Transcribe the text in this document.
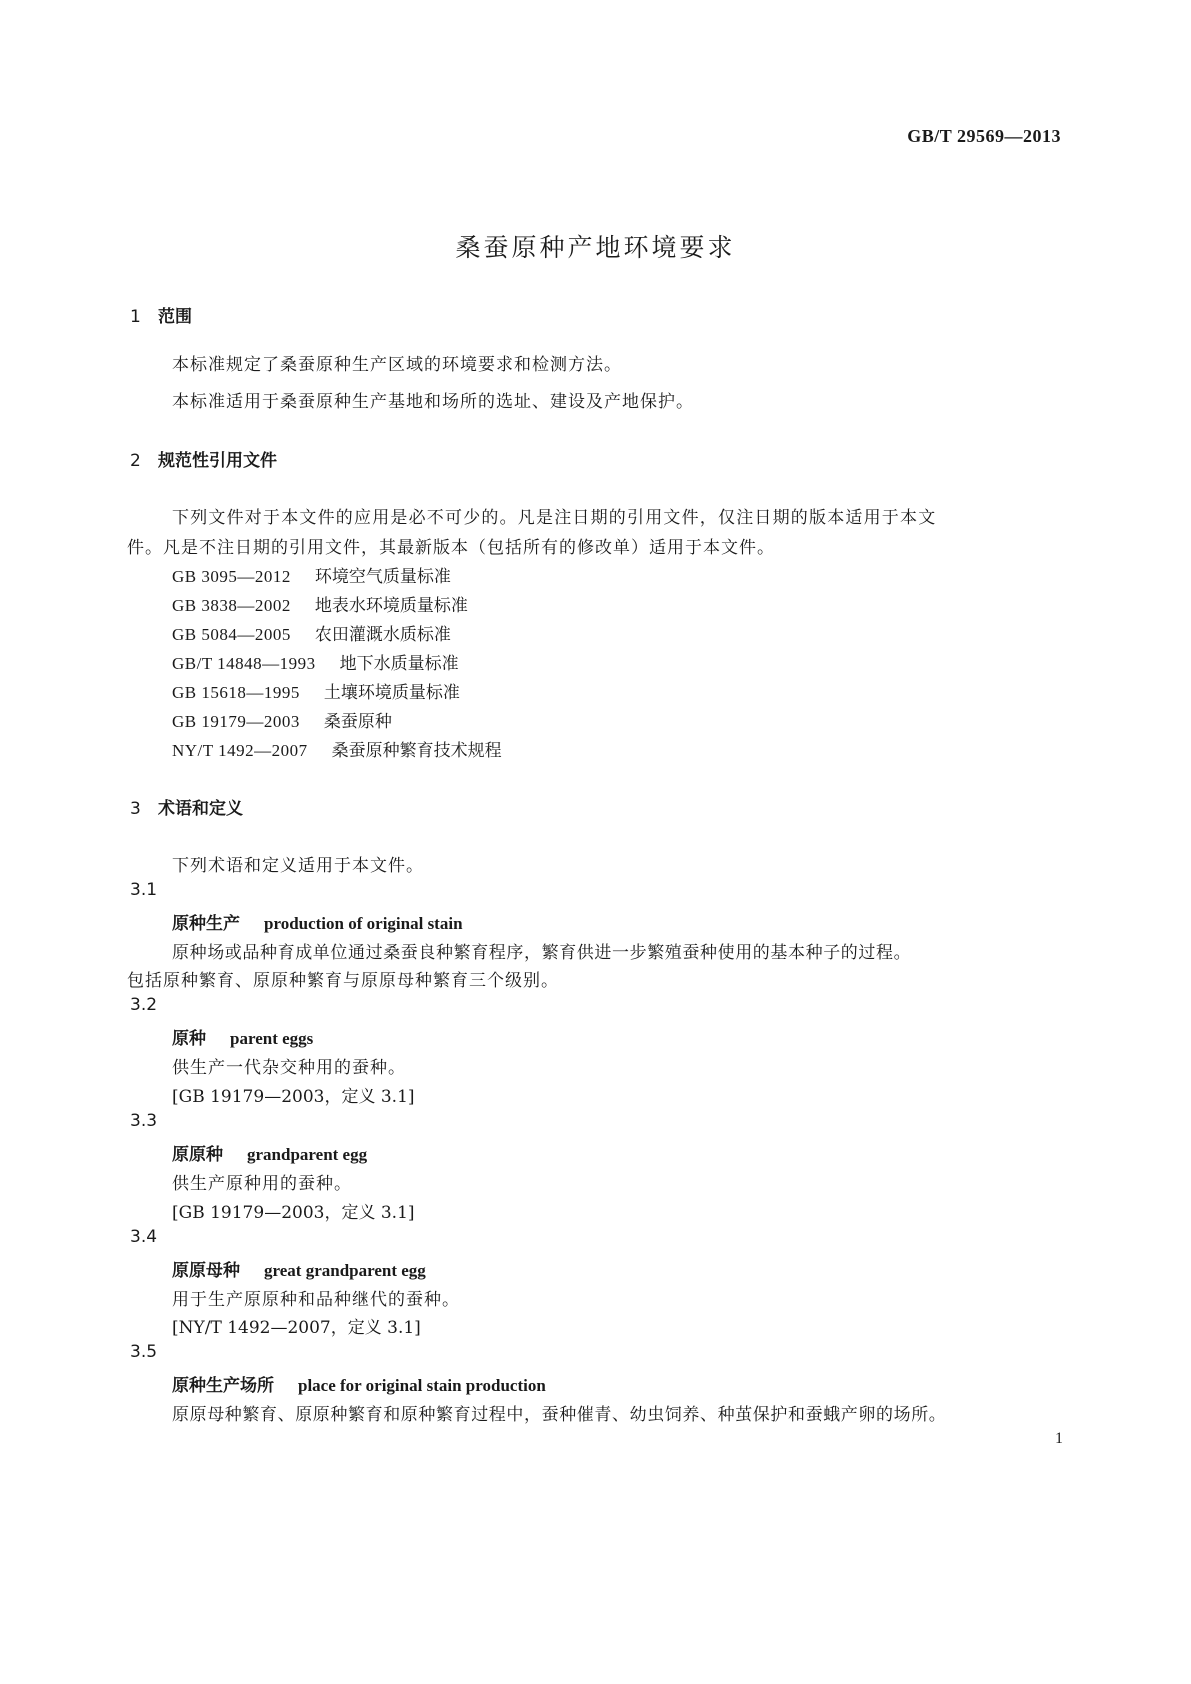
GB/T 29569—2013
桑蚕原种产地环境要求
1 范围
本标准规定了桑蚕原种生产区域的环境要求和检测方法。
本标准适用于桑蚕原种生产基地和场所的选址、建设及产地保护。
2 规范性引用文件
下列文件对于本文件的应用是必不可少的。凡是注日期的引用文件，仅注日期的版本适用于本文
件。凡是不注日期的引用文件，其最新版本（包括所有的修改单）适用于本文件。
GB 3095—2012 环境空气质量标准
GB 3838—2002 地表水环境质量标准
GB 5084—2005 农田灌溉水质标准
GB/T 14848—1993 地下水质量标准
GB 15618—1995 土壤环境质量标准
GB 19179—2003 桑蚕原种
NY/T 1492—2007 桑蚕原种繁育技术规程
3 术语和定义
下列术语和定义适用于本文件。
3.1
原种生产 production of original stain
原种场或品种育成单位通过桑蚕良种繁育程序，繁育供进一步繁殖蚕种使用的基本种子的过程。
包括原种繁育、原原种繁育与原原母种繁育三个级别。
3.2
原种 parent eggs
供生产一代杂交种用的蚕种。
[GB 19179—2003，定义 3.1]
3.3
原原种 grandparent egg
供生产原种用的蚕种。
[GB 19179—2003，定义 3.1]
3.4
原原母种 great grandparent egg
用于生产原原种和品种继代的蚕种。
[NY/T 1492—2007，定义 3.1]
3.5
原种生产场所 place for original stain production
原原母种繁育、原原种繁育和原种繁育过程中，蚕种催青、幼虫饲养、种茧保护和蚕蛾产卵的场所。
1
